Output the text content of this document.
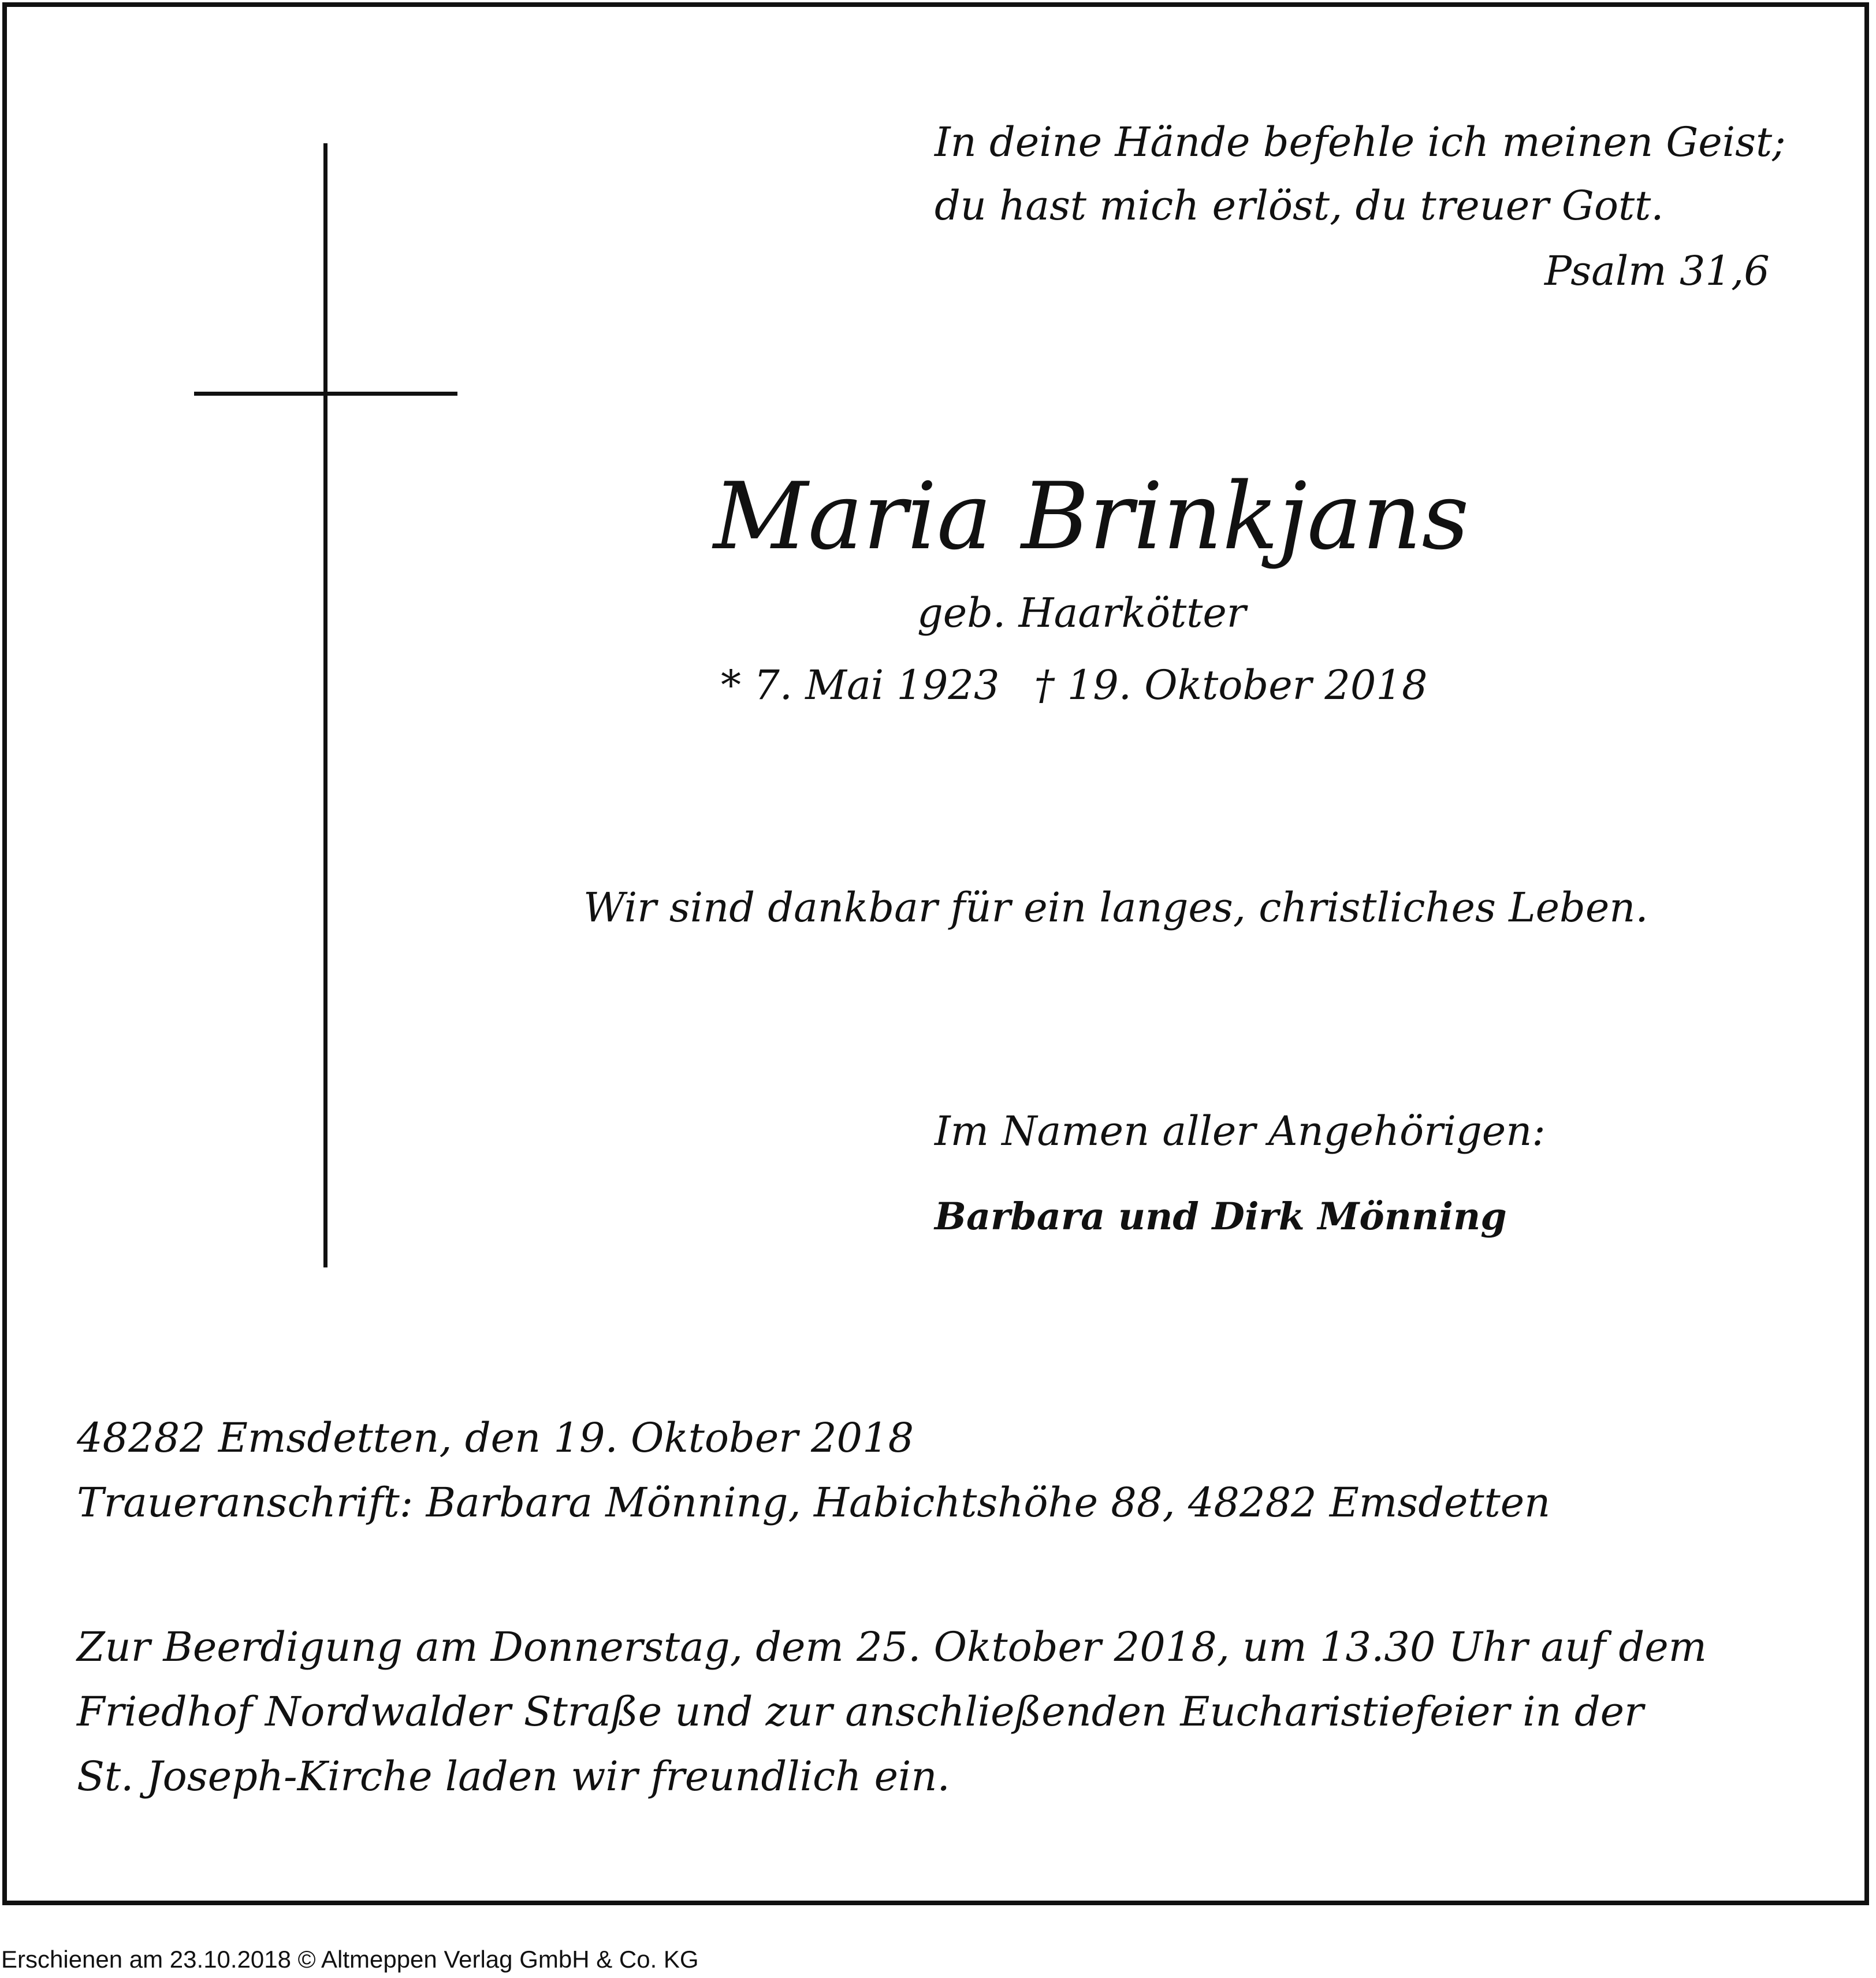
In deine Hände befehle ich meinen Geist;
du hast mich erlöst, du treuer Gott.
Psalm 31,6
Maria Brinkjans
geb. Haarkötter
* 7. Mai 1923 † 19. Oktober 2018
Wir sind dankbar für ein langes, christliches Leben.
Im Namen aller Angehörigen:
Barbara und Dirk Mönning
48282 Emsdetten, den 19. Oktober 2018
Traueranschrift: Barbara Mönning, Habichtshöhe 88, 48282 Emsdetten
Zur Beerdigung am Donnerstag, dem 25. Oktober 2018, um 13.30 Uhr auf dem
Friedhof Nordwalder Straße und zur anschließenden Eucharistiefeier in der
St. Joseph-Kirche laden wir freundlich ein.
Erschienen am 23.10.2018 © Altmeppen Verlag GmbH & Co. KG
